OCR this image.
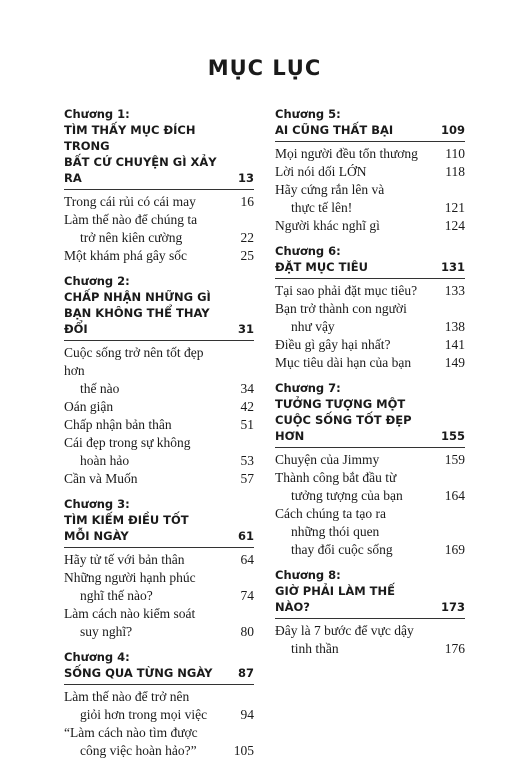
MỤC LỤC
Chương 1:
TÌM THẤY MỤC ĐÍCH TRONG
BẤT CỨ CHUYỆN GÌ XẢY RA	13
Trong cái rủi có cái may	16
Làm thế nào để chúng ta
trở nên kiên cường	22
Một khám phá gây sốc	25
Chương 2:
CHẤP NHẬN NHỮNG GÌ
BẠN KHÔNG THỂ THAY ĐỔI	31
Cuộc sống trở nên tốt đẹp hơn
thế nào	34
Oán giận	42
Chấp nhận bản thân	51
Cái đẹp trong sự không
hoàn hảo	53
Cần và Muốn	57
Chương 3:
TÌM KIẾM ĐIỀU TỐT
MỖI NGÀY	61
Hãy tử tế với bản thân	64
Những người hạnh phúc
nghĩ thế nào?	74
Làm cách nào kiểm soát
suy nghĩ?	80
Chương 4:
SỐNG QUA TỪNG NGÀY 87
Làm thế nào để trở nên
giỏi hơn trong mọi việc	94
“Làm cách nào tìm được
công việc hoàn hảo?”	105
Chương 5:
AI CŨNG THẤT BẠI	109
Mọi người đều tổn thương 110
Lời nói dối LỚN	118
Hãy cứng rắn lên và
thực tế lên!	121
Người khác nghĩ gì	124
Chương 6:
ĐẶT MỤC TIÊU	131
Tại sao phải đặt mục tiêu? 133
Bạn trở thành con người
như vậy	138
Điều gì gây hại nhất?	141
Mục tiêu dài hạn của bạn 149
Chương 7:
TƯỞNG TƯỢNG MỘT
CUỘC SỐNG TỐT ĐẸP HƠN	155
Chuyện của Jimmy	159
Thành công bắt đầu từ
tưởng tượng của bạn	164
Cách chúng ta tạo ra
những thói quen
thay đổi cuộc sống	169
Chương 8:
GIỜ PHẢI LÀM THẾ NÀO?	173
Đây là 7 bước để vực dậy
tinh thần	176
